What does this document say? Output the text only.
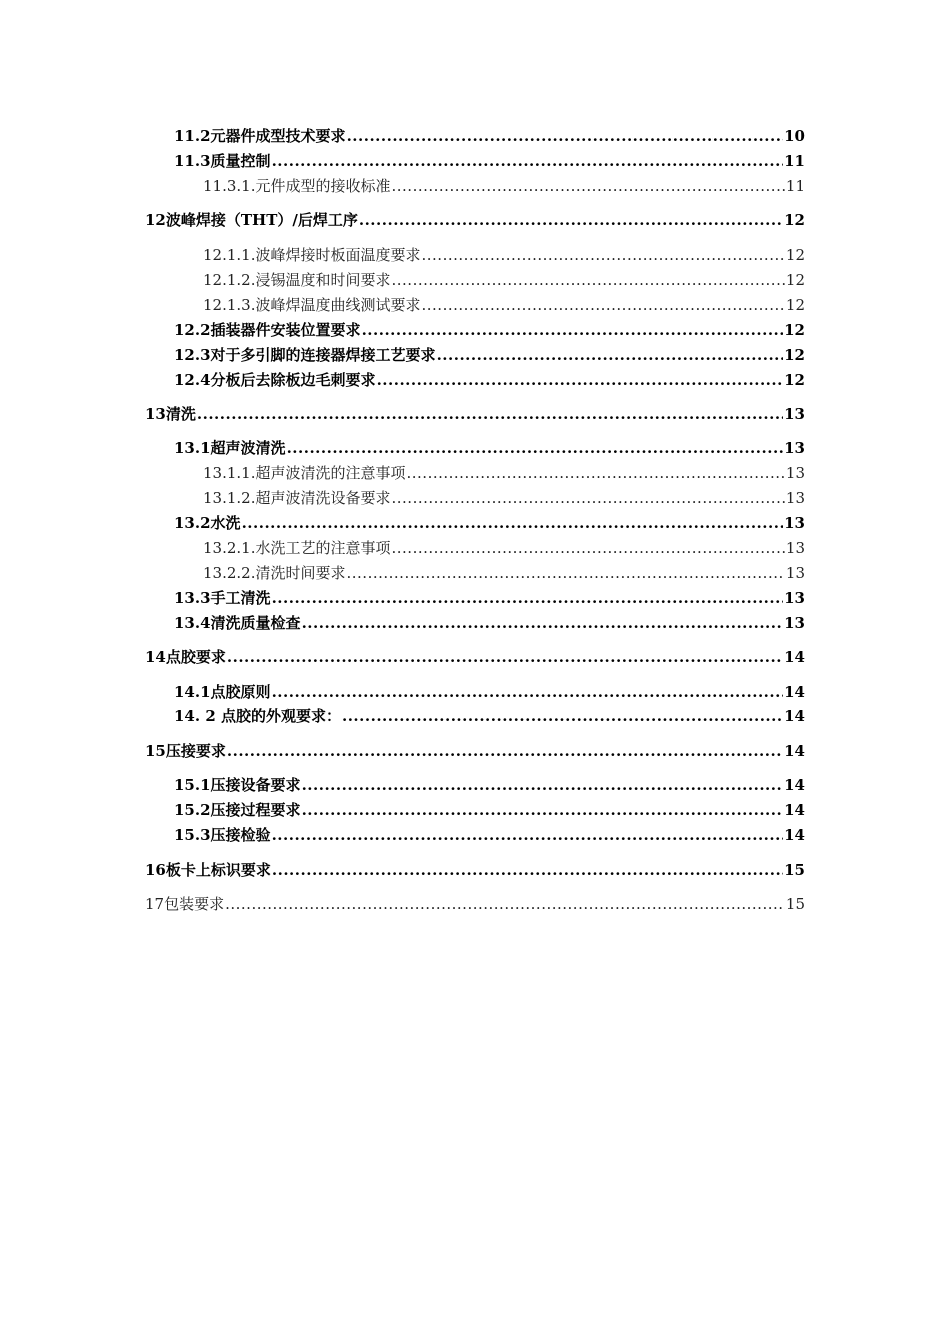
11.2 元器件成型技术要求 .....	10
11.3 质量控制 .....	11
11.3.1. 元件成型的接收标准 .....	11
12 波峰焊接（THT）/后焊工序 .....	12
12.1.1. 波峰焊接时板面温度要求 .....	12
12.1.2. 浸锡温度和时间要求 .....	12
12.1.3. 波峰焊温度曲线测试要求 .....	12
12.2 插装器件安装位置要求 .....	12
12.3 对于多引脚的连接器焊接工艺要求 .....	12
12.4 分板后去除板边毛刺要求 .....	12
13 清洗 .....	13
13.1 超声波清洗 .....	13
13.1.1. 超声波清洗的注意事项 .....	13
13.1.2. 超声波清洗设备要求 .....	13
13.2 水洗 .....	13
13.2.1. 水洗工艺的注意事项 .....	13
13.2.2. 清洗时间要求 .....	13
13.3 手工清洗 .....	13
13.4 清洗质量检查 .....	13
14 点胶要求 .....	14
14.1 点胶原则 .....	14
14. 2 点胶的外观要求： .....	14
15 压接要求 .....	14
15.1 压接设备要求 .....	14
15.2 压接过程要求 .....	14
15.3 压接检验 .....	14
16 板卡上标识要求 .....	15
17 包装要求 .....	15
